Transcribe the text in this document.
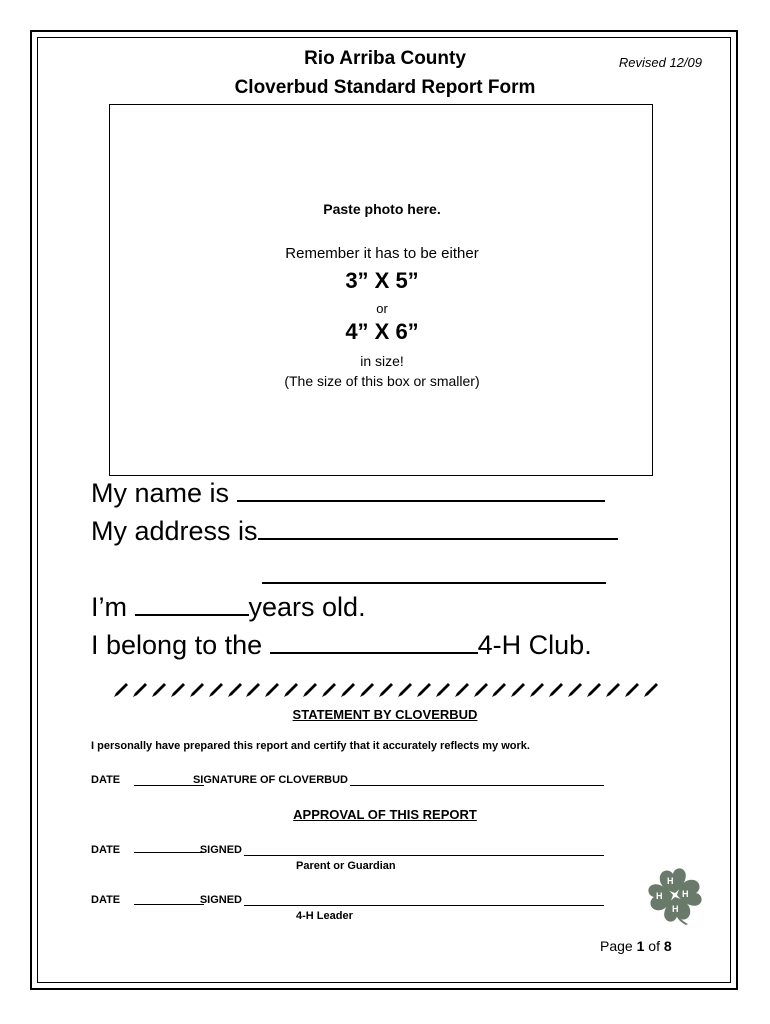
Rio Arriba County
Cloverbud Standard Report Form
Revised 12/09
Paste photo here.
Remember it has to be either
3” X 5”
or
4” X 6”
in size!
(The size of this box or smaller)
My name is
My address is
I’m	years old.
I belong to the	4-H Club.
STATEMENT BY CLOVERBUD
I personally have prepared this report and certify that it accurately reflects my work.
DATE	SIGNATURE OF CLOVERBUD
APPROVAL OF THIS REPORT
DATE	SIGNED
Parent or Guardian
DATE	SIGNED
4-H Leader
H
H
H
H
Page 1 of 8
